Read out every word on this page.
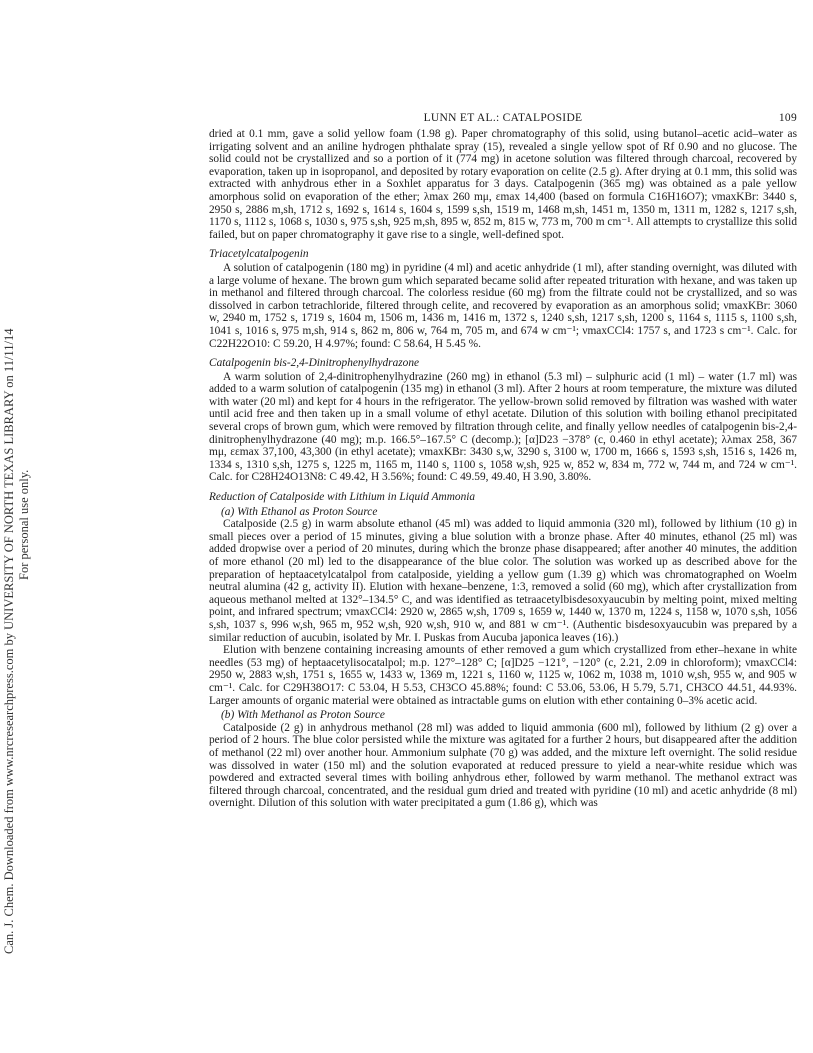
Can. J. Chem. Downloaded from www.nrcresearchpress.com by UNIVERSITY OF NORTH TEXAS LIBRARY on 11/11/14 For personal use only.
LUNN ET AL.: CATALPOSIDE	109

dried at 0.1 mm, gave a solid yellow foam (1.98 g). Paper chromatography of this solid, using butanol–acetic acid–water as irrigating solvent and an aniline hydrogen phthalate spray (15), revealed a single yellow spot of Rf 0.90 and no glucose. The solid could not be crystallized and so a portion of it (774 mg) in acetone solution was filtered through charcoal, recovered by evaporation, taken up in isopropanol, and deposited by rotary evaporation on celite (2.5 g). After drying at 0.1 mm, this solid was extracted with anhydrous ether in a Soxhlet apparatus for 3 days. Catalpogenin (365 mg) was obtained as a pale yellow amorphous solid on evaporation of the ether; λmax 260 mμ, εmax 14,400 (based on formula C16H16O7); νmaxKBr: 3440 s, 2950 s, 2886 m,sh, 1712 s, 1692 s, 1614 s, 1604 s, 1599 s,sh, 1519 m, 1468 m,sh, 1451 m, 1350 m, 1311 m, 1282 s, 1217 s,sh, 1170 s, 1112 s, 1068 s, 1030 s, 975 s,sh, 925 m,sh, 895 w, 852 m, 815 w, 773 m, 700 m cm⁻¹. All attempts to crystallize this solid failed, but on paper chromatography it gave rise to a single, well-defined spot.

Triacetylcatalpogenin

A solution of catalpogenin (180 mg) in pyridine (4 ml) and acetic anhydride (1 ml), after standing overnight, was diluted with a large volume of hexane. The brown gum which separated became solid after repeated trituration with hexane, and was taken up in methanol and filtered through charcoal. The colorless residue (60 mg) from the filtrate could not be crystallized, and so was dissolved in carbon tetrachloride, filtered through celite, and recovered by evaporation as an amorphous solid; νmaxKBr: 3060 w, 2940 m, 1752 s, 1719 s, 1604 m, 1506 m, 1436 m, 1416 m, 1372 s, 1240 s,sh, 1217 s,sh, 1200 s, 1164 s, 1115 s, 1100 s,sh, 1041 s, 1016 s, 975 m,sh, 914 s, 862 m, 806 w, 764 m, 705 m, and 674 w cm⁻¹; νmaxCCl4: 1757 s, and 1723 s cm⁻¹. Calc. for C22H22O10: C 59.20, H 4.97%; found: C 58.64, H 5.45 %.

Catalpogenin bis-2,4-Dinitrophenylhydrazone

A warm solution of 2,4-dinitrophenylhydrazine (260 mg) in ethanol (5.3 ml) – sulphuric acid (1 ml) – water (1.7 ml) was added to a warm solution of catalpogenin (135 mg) in ethanol (3 ml). After 2 hours at room temperature, the mixture was diluted with water (20 ml) and kept for 4 hours in the refrigerator. The yellow-brown solid removed by filtration was washed with water until acid free and then taken up in a small volume of ethyl acetate. Dilution of this solution with boiling ethanol precipitated several crops of brown gum, which were removed by filtration through celite, and finally yellow needles of catalpogenin bis-2,4-dinitrophenylhydrazone (40 mg); m.p. 166.5°–167.5° C (decomp.); [α]D23 −378° (c, 0.460 in ethyl acetate); λλmax 258, 367 mμ, εεmax 37,100, 43,300 (in ethyl acetate); νmaxKBr: 3430 s,w, 3290 s, 3100 w, 1700 m, 1666 s, 1593 s,sh, 1516 s, 1426 m, 1334 s, 1310 s,sh, 1275 s, 1225 m, 1165 m, 1140 s, 1100 s, 1058 w,sh, 925 w, 852 w, 834 m, 772 w, 744 m, and 724 w cm⁻¹. Calc. for C28H24O13N8: C 49.42, H 3.56%; found: C 49.59, 49.40, H 3.90, 3.80%.

Reduction of Catalposide with Lithium in Liquid Ammonia
(a) With Ethanol as Proton Source

Catalposide (2.5 g) in warm absolute ethanol (45 ml) was added to liquid ammonia (320 ml), followed by lithium (10 g) in small pieces over a period of 15 minutes, giving a blue solution with a bronze phase. After 40 minutes, ethanol (25 ml) was added dropwise over a period of 20 minutes, during which the bronze phase disappeared; after another 40 minutes, the addition of more ethanol (20 ml) led to the disappearance of the blue color. The solution was worked up as described above for the preparation of heptaacetylcatalpol from catalposide, yielding a yellow gum (1.39 g) which was chromatographed on Woelm neutral alumina (42 g, activity II). Elution with hexane–benzene, 1:3, removed a solid (60 mg), which after crystallization from aqueous methanol melted at 132°–134.5° C, and was identified as tetraacetylbisdesoxyaucubin by melting point, mixed melting point, and infrared spectrum; νmaxCCl4: 2920 w, 2865 w,sh, 1709 s, 1659 w, 1440 w, 1370 m, 1224 s, 1158 w, 1070 s,sh, 1056 s,sh, 1037 s, 996 w,sh, 965 m, 952 w,sh, 920 w,sh, 910 w, and 881 w cm⁻¹. (Authentic bisdesoxyaucubin was prepared by a similar reduction of aucubin, isolated by Mr. I. Puskas from Aucuba japonica leaves (16).)

Elution with benzene containing increasing amounts of ether removed a gum which crystallized from ether–hexane in white needles (53 mg) of heptaacetylisocatalpol; m.p. 127°–128° C; [α]D25 −121°, −120° (c, 2.21, 2.09 in chloroform); νmaxCCl4: 2950 w, 2883 w,sh, 1751 s, 1655 w, 1433 w, 1369 m, 1221 s, 1160 w, 1125 w, 1062 m, 1038 m, 1010 w,sh, 955 w, and 905 w cm⁻¹. Calc. for C29H38O17: C 53.04, H 5.53, CH3CO 45.88%; found: C 53.06, 53.06, H 5.79, 5.71, CH3CO 44.51, 44.93%. Larger amounts of organic material were obtained as intractable gums on elution with ether containing 0–3% acetic acid.

(b) With Methanol as Proton Source

Catalposide (2 g) in anhydrous methanol (28 ml) was added to liquid ammonia (600 ml), followed by lithium (2 g) over a period of 2 hours. The blue color persisted while the mixture was agitated for a further 2 hours, but disappeared after the addition of methanol (22 ml) over another hour. Ammonium sulphate (70 g) was added, and the mixture left overnight. The solid residue was dissolved in water (150 ml) and the solution evaporated at reduced pressure to yield a near-white residue which was powdered and extracted several times with boiling anhydrous ether, followed by warm methanol. The methanol extract was filtered through charcoal, concentrated, and the residual gum dried and treated with pyridine (10 ml) and acetic anhydride (8 ml) overnight. Dilution of this solution with water precipitated a gum (1.86 g), which was
